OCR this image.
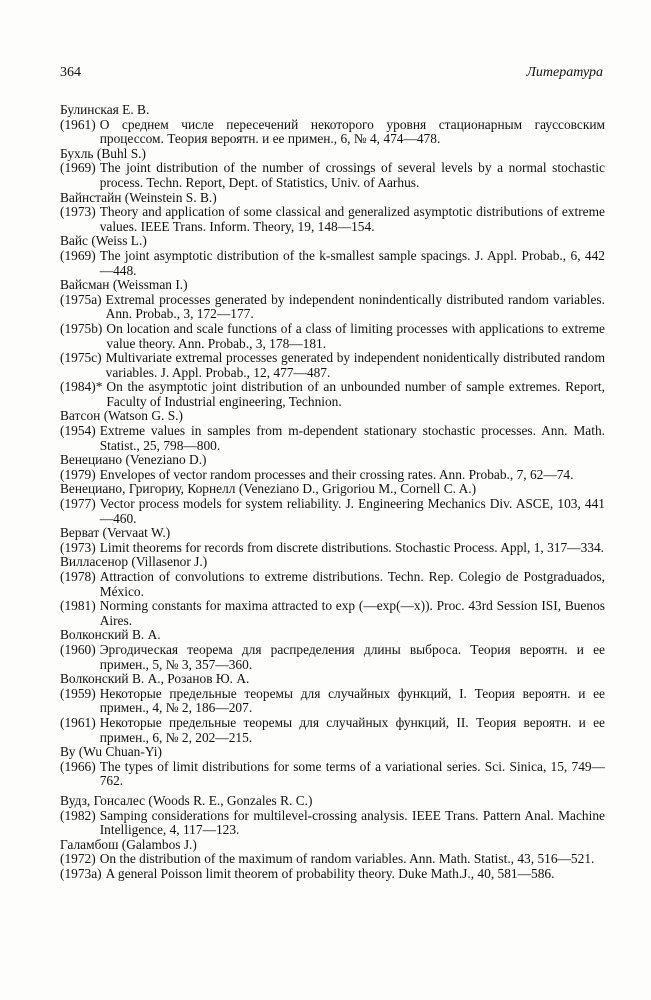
364	Литература
Булинская Е. В.
(1961) О среднем числе пересечений некоторого уровня стационарным гауссовским процессом. Теория вероятн. и ее примен., 6, № 4, 474—478.
Бухль (Buhl S.)
(1969) The joint distribution of the number of crossings of several levels by a normal stochastic process. Techn. Report, Dept. of Statistics, Univ. of Aarhus.
Вайнстайн (Weinstein S. B.)
(1973) Theory and application of some classical and generalized asymptotic distributions of extreme values. IEEE Trans. Inform. Theory, 19, 148—154.
Вайс (Weiss L.)
(1969) The joint asymptotic distribution of the k-smallest sample spacings. J. Appl. Probab., 6, 442—448.
Вайсман (Weissman I.)
(1975a) Extremal processes generated by independent nonindentically distributed random variables. Ann. Probab., 3, 172—177.
(1975b) On location and scale functions of a class of limiting processes with applications to extreme value theory. Ann. Probab., 3, 178—181.
(1975c) Multivariate extremal processes generated by independent nonidentically distributed random variables. J. Appl. Probab., 12, 477—487.
(1984)* On the asymptotic joint distribution of an unbounded number of sample extremes. Report, Faculty of Industrial engineering, Technion.
Ватсон (Watson G. S.)
(1954) Extreme values in samples from m-dependent stationary stochastic processes. Ann. Math. Statist., 25, 798—800.
Венециано (Veneziano D.)
(1979) Envelopes of vector random processes and their crossing rates. Ann. Probab., 7, 62—74.
Венециано, Григориу, Корнелл (Veneziano D., Grigoriou M., Cornell C. A.)
(1977) Vector process models for system reliability. J. Engineering Mechanics Div. ASCE, 103, 441—460.
Верват (Vervaat W.)
(1973) Limit theorems for records from discrete distributions. Stochastic Process. Appl, 1, 317—334.
Вилласенор (Villasenor J.)
(1978) Attraction of convolutions to extreme distributions. Techn. Rep. Colegio de Postgraduados, México.
(1981) Norming constants for maxima attracted to exp (—exp(—x)). Proc. 43rd Session ISI, Buenos Aires.
Волконский В. А.
(1960) Эргодическая теорема для распределения длины выброса. Теория вероятн. и ее примен., 5, № 3, 357—360.
Волконский В. А., Розанов Ю. А.
(1959) Некоторые предельные теоремы для случайных функций, I. Теория вероятн. и ее примен., 4, № 2, 186—207.
(1961) Некоторые предельные теоремы для случайных функций, II. Теория вероятн. и ее примен., 6, № 2, 202—215.
Ву (Wu Chuan-Yi)
(1966) The types of limit distributions for some terms of a variational series. Sci. Sinica, 15, 749—762.
Вудз, Гонсалес (Woods R. E., Gonzales R. C.)
(1982) Samping considerations for multilevel-crossing analysis. IEEE Trans. Pattern Anal. Machine Intelligence, 4, 117—123.
Галамбош (Galambos J.)
(1972) On the distribution of the maximum of random variables. Ann. Math. Statist., 43, 516—521.
(1973a) A general Poisson limit theorem of probability theory. Duke Math.J., 40, 581—586.
